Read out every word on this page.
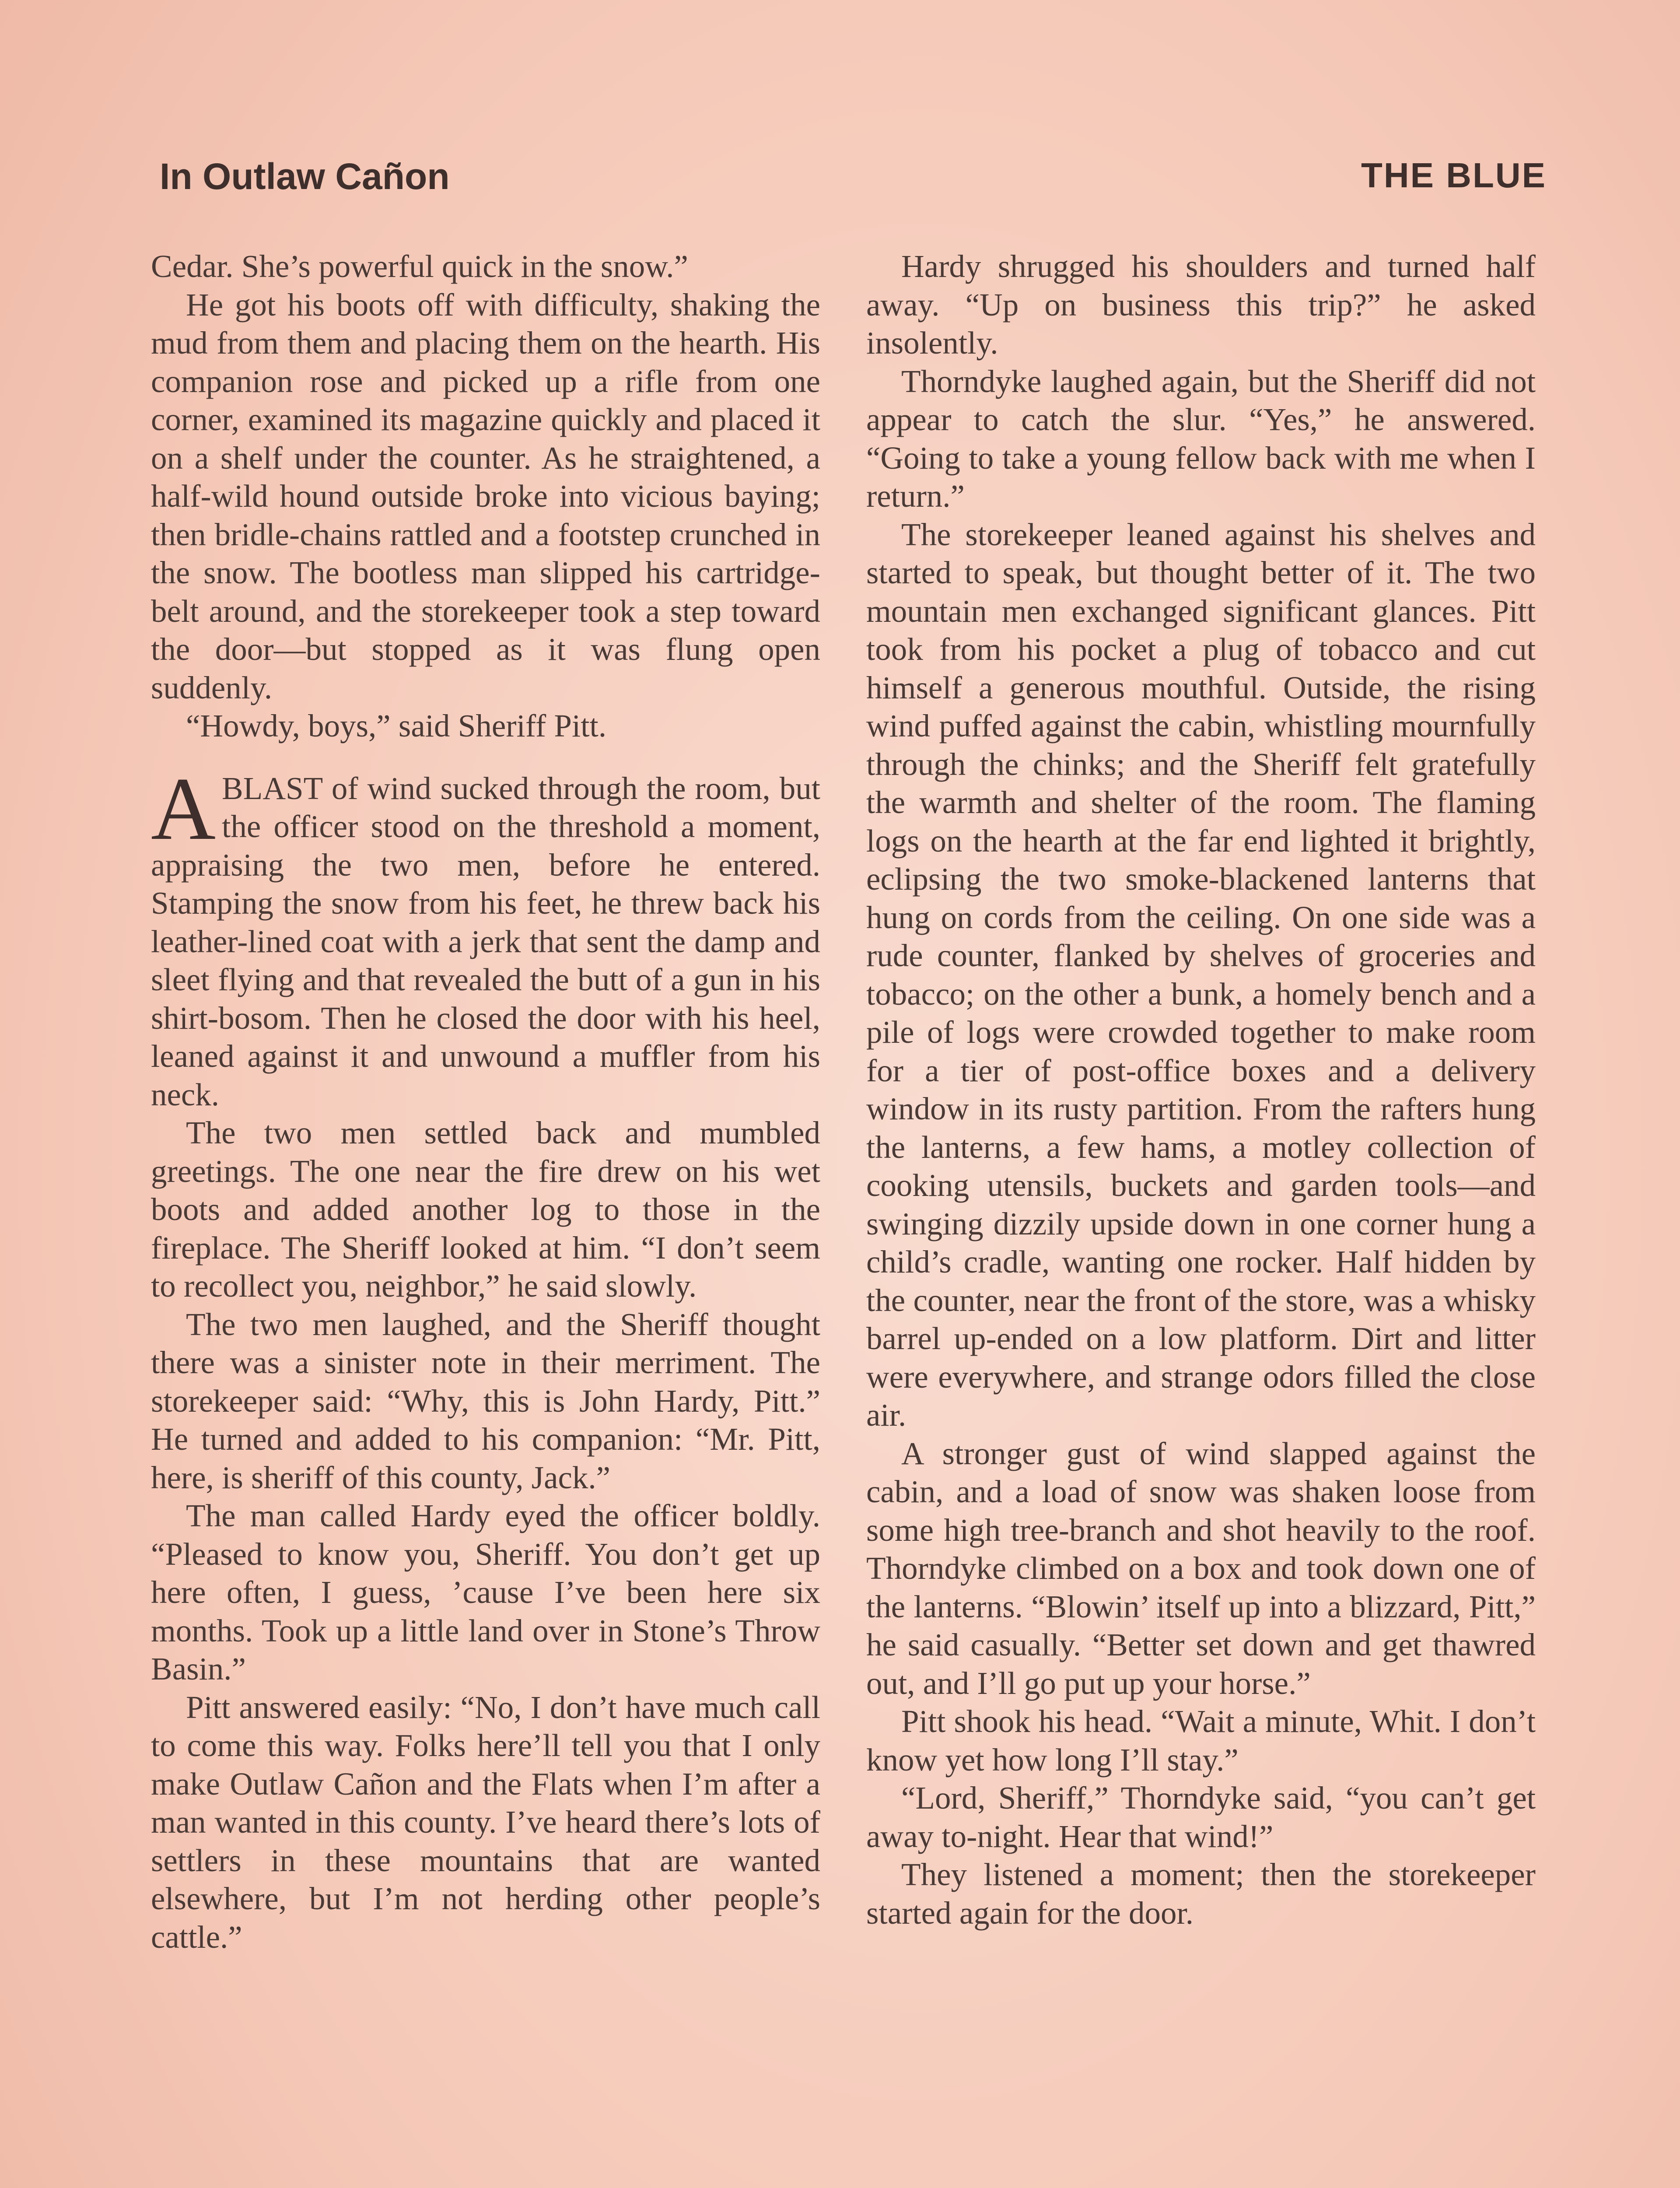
In Outlaw Cañon	THE BLUE

Cedar. She’s powerful quick in the snow.”

He got his boots off with difficulty, shaking the mud from them and placing them on the hearth. His companion rose and picked up a rifle from one corner, examined its magazine quickly and placed it on a shelf under the counter. As he straightened, a half-wild hound outside broke into vicious baying; then bridle-chains rattled and a footstep crunched in the snow. The bootless man slipped his cartridge-belt around, and the storekeeper took a step toward the door—but stopped as it was flung open suddenly.

“Howdy, boys,” said Sheriff Pitt.

ABLAST of wind sucked through the room, but the officer stood on the threshold a moment, appraising the two men, before he entered. Stamping the snow from his feet, he threw back his leather-lined coat with a jerk that sent the damp and sleet flying and that revealed the butt of a gun in his shirt-bosom. Then he closed the door with his heel, leaned against it and unwound a muffler from his neck.

The two men settled back and mumbled greetings. The one near the fire drew on his wet boots and added another log to those in the fireplace. The Sheriff looked at him. “I don’t seem to recollect you, neighbor,” he said slowly.

The two men laughed, and the Sheriff thought there was a sinister note in their merriment. The storekeeper said: “Why, this is John Hardy, Pitt.” He turned and added to his companion: “Mr. Pitt, here, is sheriff of this county, Jack.”

The man called Hardy eyed the officer boldly. “Pleased to know you, Sheriff. You don’t get up here often, I guess, ’cause I’ve been here six months. Took up a little land over in Stone’s Throw Basin.”

Pitt answered easily: “No, I don’t have much call to come this way. Folks here’ll tell you that I only make Outlaw Cañon and the Flats when I’m after a man wanted in this county. I’ve heard there’s lots of settlers in these mountains that are wanted elsewhere, but I’m not herding other people’s cattle.”

Hardy shrugged his shoulders and turned half away. “Up on business this trip?” he asked insolently.

Thorndyke laughed again, but the Sheriff did not appear to catch the slur. “Yes,” he answered. “Going to take a young fellow back with me when I return.”

The storekeeper leaned against his shelves and started to speak, but thought better of it. The two mountain men exchanged significant glances. Pitt took from his pocket a plug of tobacco and cut himself a generous mouthful. Outside, the rising wind puffed against the cabin, whistling mournfully through the chinks; and the Sheriff felt gratefully the warmth and shelter of the room. The flaming logs on the hearth at the far end lighted it brightly, eclipsing the two smoke-blackened lanterns that hung on cords from the ceiling. On one side was a rude counter, flanked by shelves of groceries and tobacco; on the other a bunk, a homely bench and a pile of logs were crowded together to make room for a tier of post-office boxes and a delivery window in its rusty partition. From the rafters hung the lanterns, a few hams, a motley collection of cooking utensils, buckets and garden tools—and swinging dizzily upside down in one corner hung a child’s cradle, wanting one rocker. Half hidden by the counter, near the front of the store, was a whisky barrel up-ended on a low platform. Dirt and litter were everywhere, and strange odors filled the close air.

A stronger gust of wind slapped against the cabin, and a load of snow was shaken loose from some high tree-branch and shot heavily to the roof. Thorndyke climbed on a box and took down one of the lanterns. “Blowin’ itself up into a blizzard, Pitt,” he said casually. “Better set down and get thawred out, and I’ll go put up your horse.”

Pitt shook his head. “Wait a minute, Whit. I don’t know yet how long I’ll stay.”

“Lord, Sheriff,” Thorndyke said, “you can’t get away to-night. Hear that wind!”

They listened a moment; then the storekeeper started again for the door.
